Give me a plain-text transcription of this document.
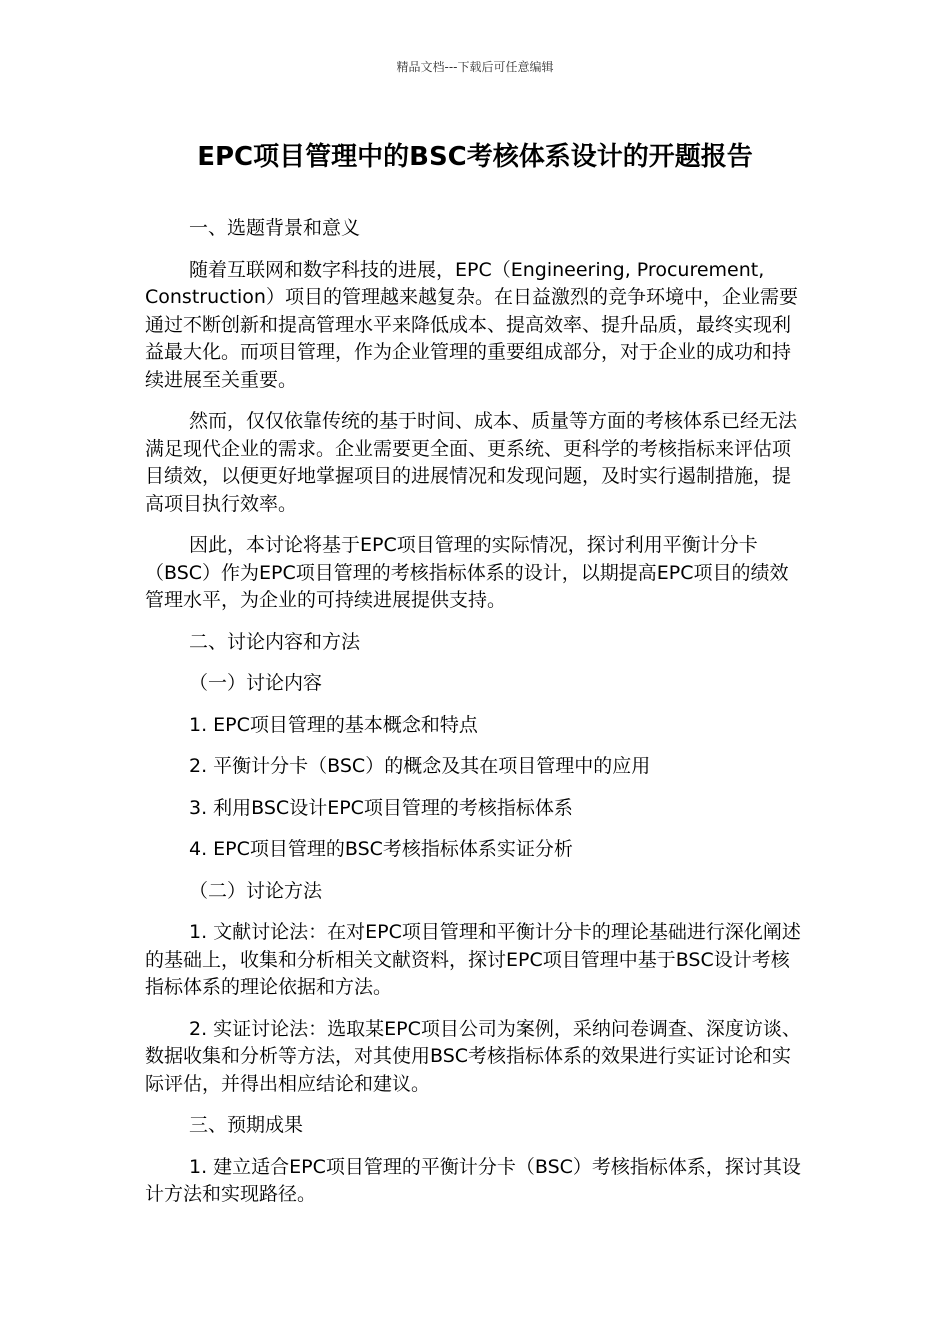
精品文档---下载后可任意编辑
EPC项目管理中的BSC考核体系设计的开题报告

一、选题背景和意义

随着互联网和数字科技的进展，EPC（Engineering, Procurement, Construction）项目的管理越来越复杂。在日益激烈的竞争环境中，企业需要通过不断创新和提高管理水平来降低成本、提高效率、提升品质，最终实现利益最大化。而项目管理，作为企业管理的重要组成部分，对于企业的成功和持续进展至关重要。

然而，仅仅依靠传统的基于时间、成本、质量等方面的考核体系已经无法满足现代企业的需求。企业需要更全面、更系统、更科学的考核指标来评估项目绩效，以便更好地掌握项目的进展情况和发现问题，及时实行遏制措施，提高项目执行效率。

因此，本讨论将基于EPC项目管理的实际情况，探讨利用平衡计分卡（BSC）作为EPC项目管理的考核指标体系的设计，以期提高EPC项目的绩效管理水平，为企业的可持续进展提供支持。

二、讨论内容和方法

（一）讨论内容

1. EPC项目管理的基本概念和特点

2. 平衡计分卡（BSC）的概念及其在项目管理中的应用

3. 利用BSC设计EPC项目管理的考核指标体系

4. EPC项目管理的BSC考核指标体系实证分析

（二）讨论方法

1. 文献讨论法：在对EPC项目管理和平衡计分卡的理论基础进行深化阐述的基础上，收集和分析相关文献资料，探讨EPC项目管理中基于BSC设计考核指标体系的理论依据和方法。

2. 实证讨论法：选取某EPC项目公司为案例，采纳问卷调查、深度访谈、数据收集和分析等方法，对其使用BSC考核指标体系的效果进行实证讨论和实际评估，并得出相应结论和建议。

三、预期成果

1. 建立适合EPC项目管理的平衡计分卡（BSC）考核指标体系，探讨其设计方法和实现路径。
